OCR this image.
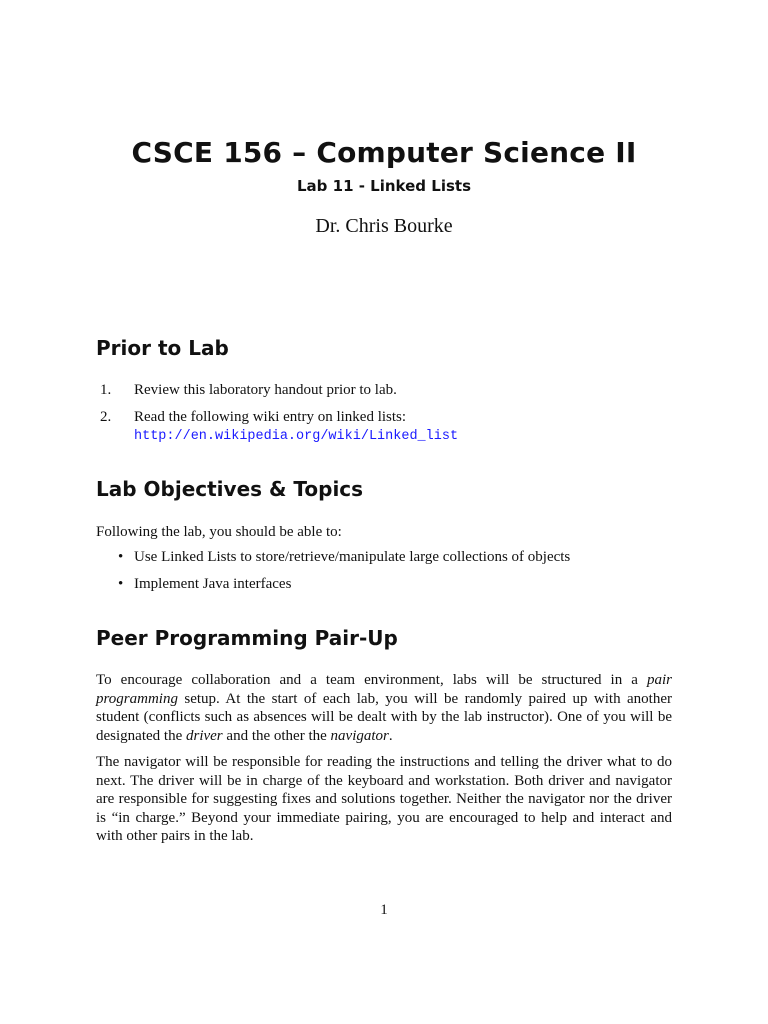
CSCE 156 – Computer Science II
Lab 11 - Linked Lists
Dr. Chris Bourke
Prior to Lab
1. Review this laboratory handout prior to lab.
2. Read the following wiki entry on linked lists:
http://en.wikipedia.org/wiki/Linked_list
Lab Objectives & Topics
Following the lab, you should be able to:
• Use Linked Lists to store/retrieve/manipulate large collections of objects
• Implement Java interfaces
Peer Programming Pair-Up

To encourage collaboration and a team environment, labs will be structured in a pair programming setup. At the start of each lab, you will be randomly paired up with another student (conflicts such as absences will be dealt with by the lab instructor). One of you will be designated the driver and the other the navigator.

The navigator will be responsible for reading the instructions and telling the driver what to do next. The driver will be in charge of the keyboard and workstation. Both driver and navigator are responsible for suggesting fixes and solutions together. Neither the navigator nor the driver is “in charge.” Beyond your immediate pairing, you are encouraged to help and interact and with other pairs in the lab.

1
